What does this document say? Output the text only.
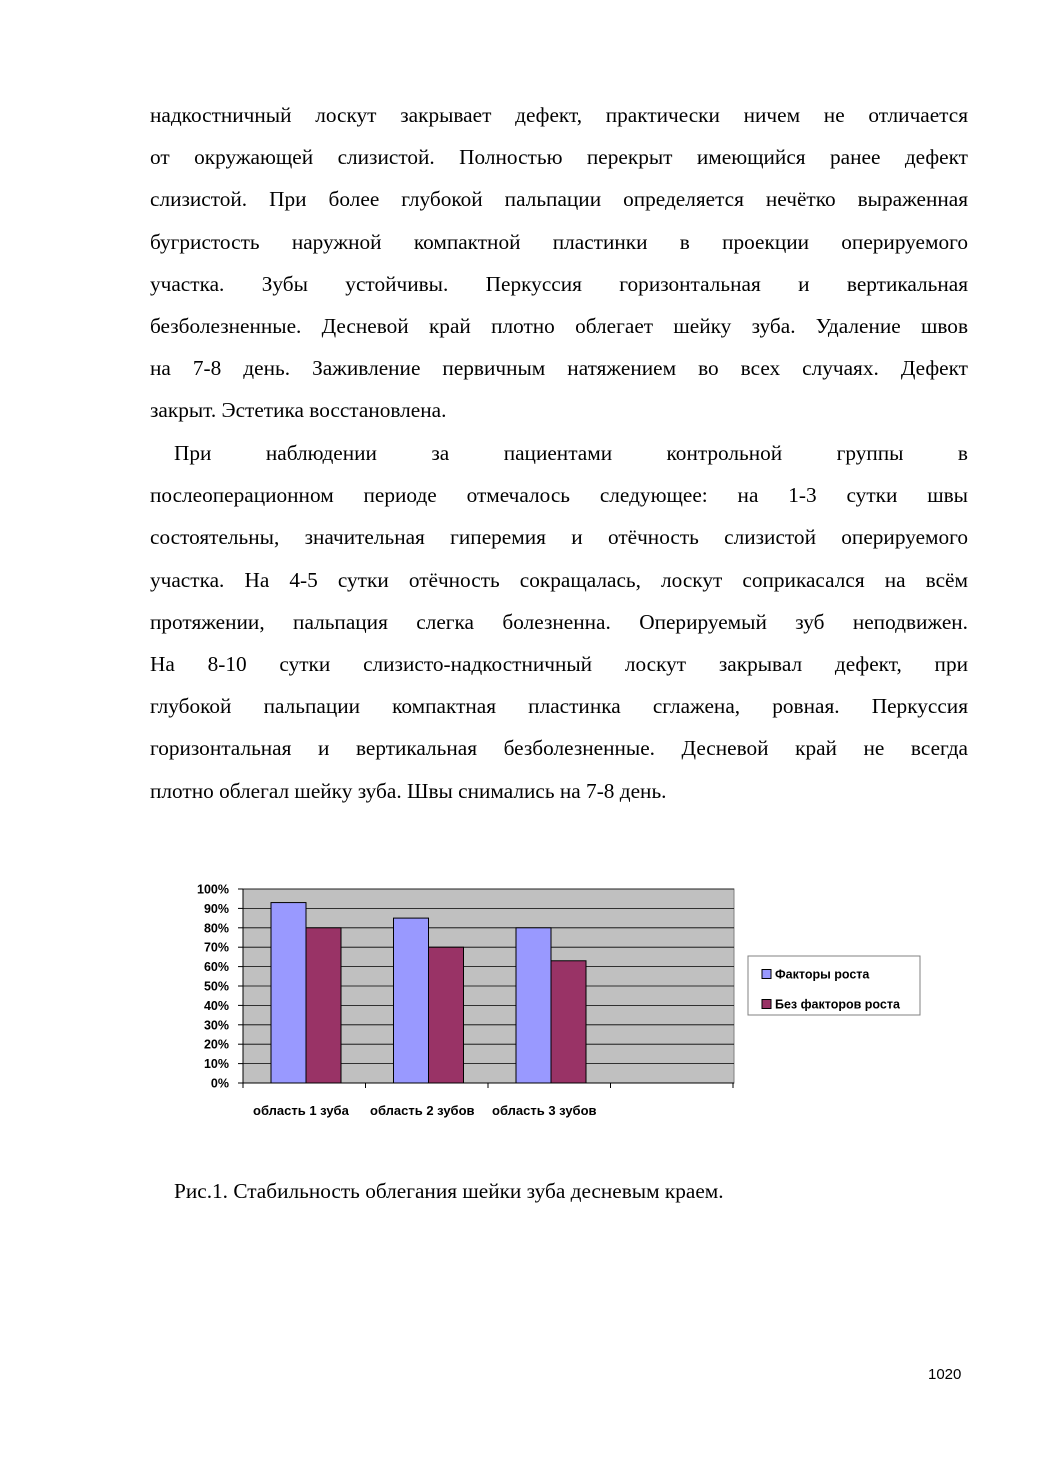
надкостничный лоскут закрывает дефект, практически ничем не отличается
от окружающей слизистой. Полностью перекрыт имеющийся ранее дефект
слизистой. При более глубокой пальпации определяется нечётко выраженная
бугристость наружной компактной пластинки в проекции оперируемого
участка. Зубы устойчивы. Перкуссия горизонтальная и вертикальная
безболезненные. Десневой край плотно облегает шейку зуба. Удаление швов
на 7-8 день. Заживление первичным натяжением во всех случаях. Дефект
закрыт. Эстетика восстановлена.
При наблюдении за пациентами контрольной группы в
послеоперационном периоде отмечалось следующее: на 1-3 сутки швы
состоятельны, значительная гиперемия и отёчность слизистой оперируемого
участка. На 4-5 сутки отёчность сокращалась, лоскут соприкасался на всём
протяжении, пальпация слегка болезненна. Оперируемый зуб неподвижен.
На 8-10 сутки слизисто-надкостничный лоскут закрывал дефект, при
глубокой пальпации компактная пластинка сглажена, ровная. Перкуссия
горизонтальная и вертикальная безболезненные. Десневой край не всегда
плотно облегал шейку зуба. Швы снимались на 7-8 день.
0%
10%
20%
30%
40%
50%
60%
70%
80%
90%
100%
область 1 зуба область 2 зубов область 3 зубов
Факторы роста
Без факторов роста
Рис.1. Стабильность облегания шейки зуба десневым краем.
1020
